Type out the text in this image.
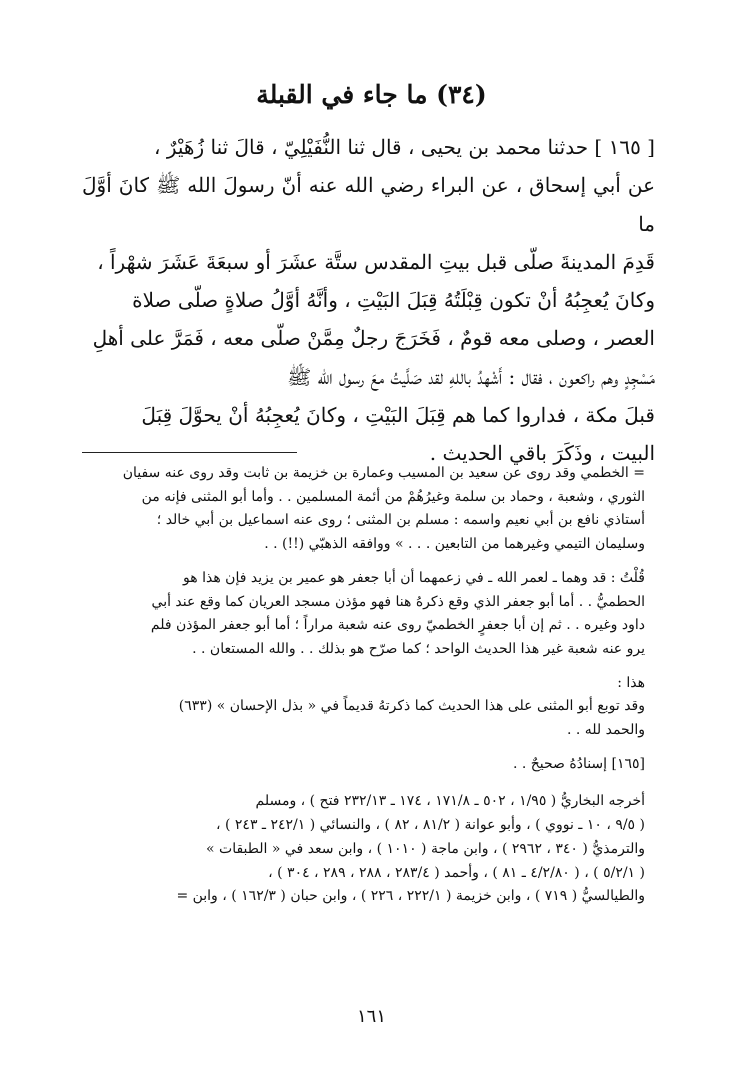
(٣٤) ما جاء في القبلة

[ ١٦٥ ] حدثنا محمد بن يحيى ، قال ثنا النُّفَيْلِيّ ، قالَ ثنا زُهَيْرٌ ،

عن أبي إسحاق ، عن البراء رضي الله عنه أنّ رسولَ الله ﷺ كانَ أوَّلَ ما

قَدِمَ المدينةَ صلّى قبل بيتِ المقدس ستَّة عشَرَ أو سبعَةَ عَشَرَ شهْراً ،

وكانَ يُعجِبُهُ أنْ تكون قِبْلَتُهُ قِبَلَ البَيْتِ ، وأنَّهُ أوَّلُ صلاةٍ صلّى صلاة

العصر ، وصلى معه قومٌ ، فَخَرَجَ رجلٌ مِمَّنْ صلّى معه ، فَمَرَّ على أهلِ

مَسْجِدٍ وهم راكعون ، فقال : أَشْهدُ باللهِ لقد صَلَّيتُ معَ رسول الله ﷺ

قبلَ مكة ، فداروا كما هم قِبَلَ البَيْتِ ، وكانَ يُعجِبُهُ أنْ يحوَّلَ قِبَلَ

البيت ، وذَكَرَ باقي الحديث .

= الخطمي وقد روى عن سعيد بن المسيب وعمارة بن خزيمة بن ثابت وقد روى عنه سفيان

الثوري ، وشعبة ، وحماد بن سلمة وغيرُهُمْ من أئمة المسلمين . . وأما أبو المثنى فإنه من

أستاذي نافع بن أبي نعيم واسمه : مسلم بن المثنى ؛ روى عنه اسماعيل بن أبي خالد ؛

وسليمان التيمي وغيرهما من التابعين . . . » ووافقه الذهبّي (!!) . .

قُلْتُ : قد وهما ـ لعمر الله ـ في زعمهما أن أبا جعفر هو عمير بن يزيد فإن هذا هو

الحطميُّ . . أما أبو جعفر الذي وقع ذكرهُ هنا فهو مؤذن مسجد العريان كما وقع عند أبي

داود وغيره . . ثم إن أبا جعفرٍ الخطميّ روى عنه شعبة مراراً ؛ أما أبو جعفر المؤذن فلم

يرو عنه شعبة غير هذا الحديث الواحد ؛ كما صرّح هو بذلك . . والله المستعان . .

هذا :

وقد توبع أبو المثنى على هذا الحديث كما ذكرتهُ قديماً في « بذل الإحسان » (٦٣٣)

والحمد لله . .

[١٦٥] إسنادُهُ صحيحٌ . .

أخرجه البخاريُّ ( ١/٩٥ ، ٥٠٢ ـ ١٧١/٨ ، ١٧٤ ـ ٢٣٢/١٣ فتح ) ، ومسلم

( ٩/٥ ، ١٠ ـ نووي ) ، وأبو عوانة ( ٨١/٢ ، ٨٢ ) ، والنسائي ( ٢٤٢/١ ـ ٢٤٣ ) ،

والترمذيُّ ( ٣٤٠ ، ٢٩٦٢ ) ، وابن ماجة ( ١٠١٠ ) ، وابن سعد في « الطبقات »

( ٥/٢/١ ) ، ( ٤/٢/٨٠ ـ ٨١ ) ، وأحمد ( ٢٨٣/٤ ، ٢٨٨ ، ٢٨٩ ، ٣٠٤ ) ،

والطيالسيُّ ( ٧١٩ ) ، وابن خزيمة ( ٢٢٢/١ ، ٢٢٦ ) ، وابن حبان ( ١٦٢/٣ ) ، وابن =

١٦١
